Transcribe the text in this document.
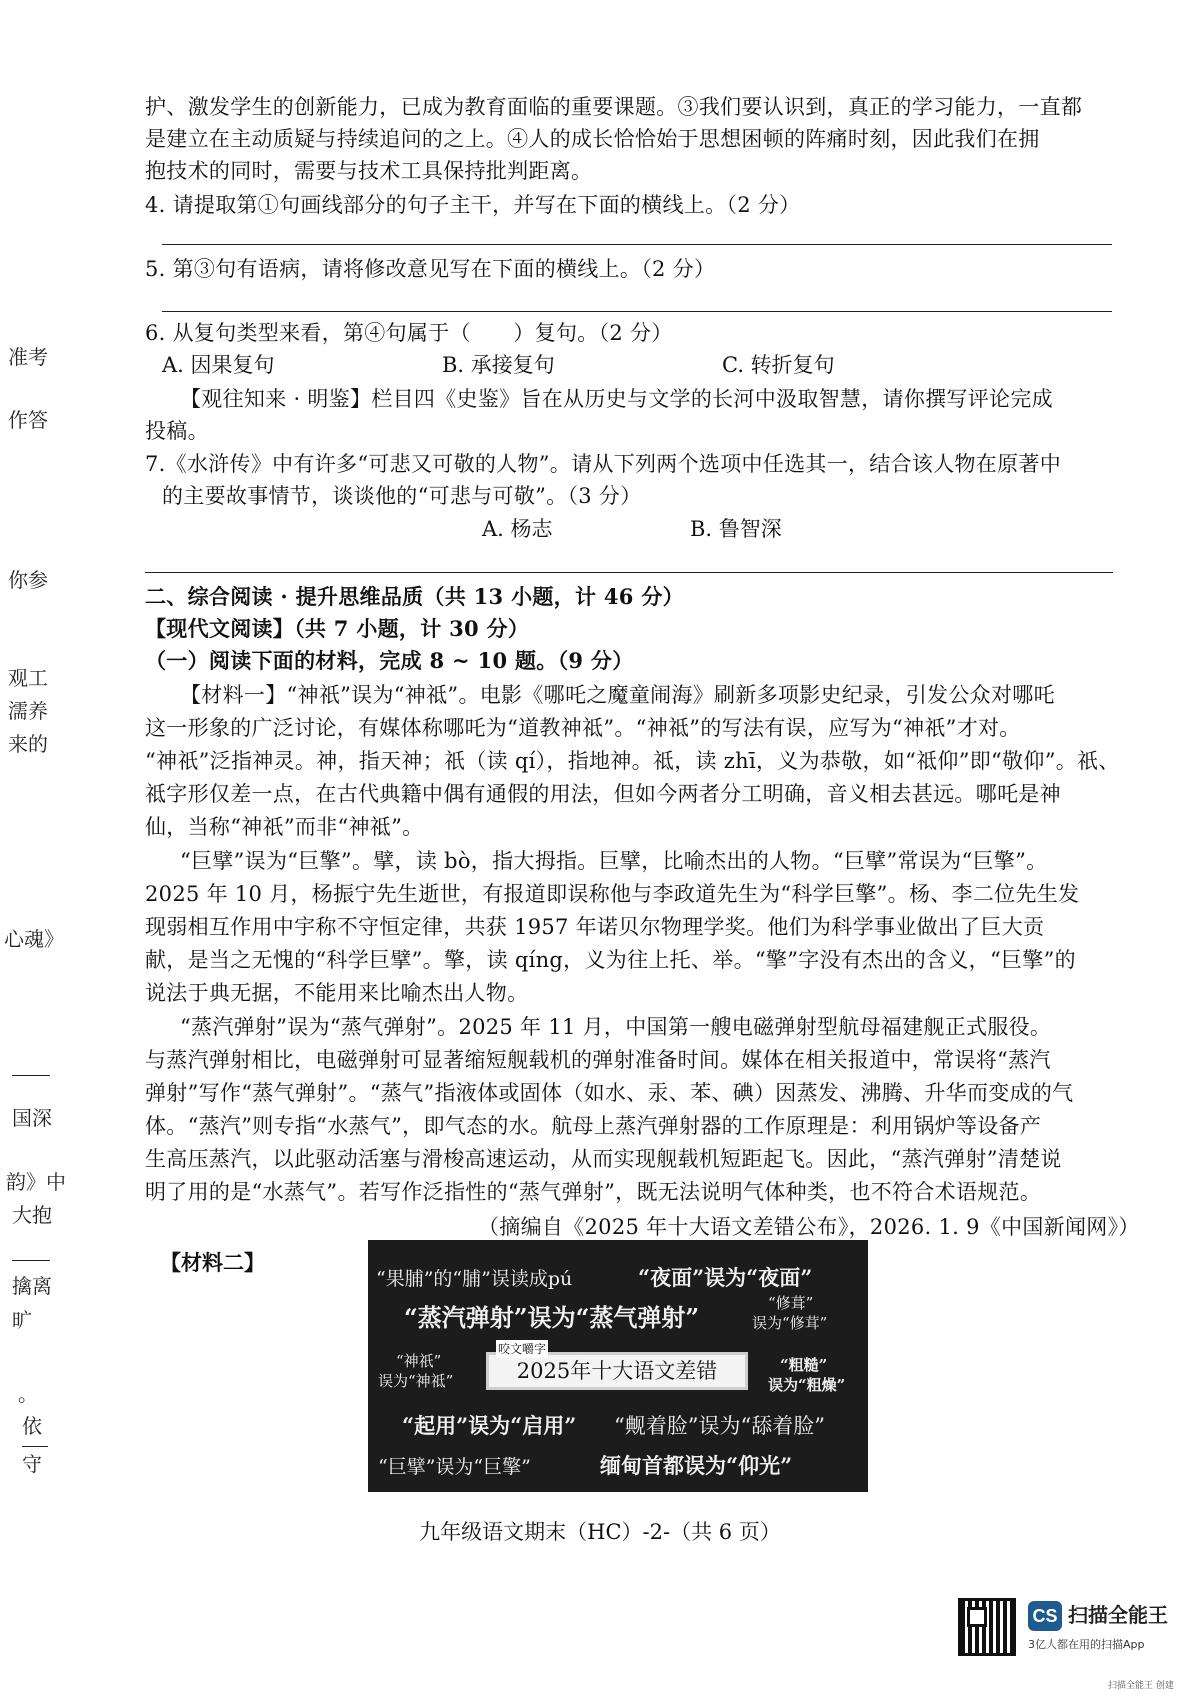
准考
作答
你参
观工
濡养
来的
心魂》
国深
韵》中
大抱
擒离
旷
。
依
守
护、激发学生的创新能力，已成为教育面临的重要课题。③我们要认识到，真正的学习能力，一直都
是建立在主动质疑与持续追问的之上。④人的成长恰恰始于思想困顿的阵痛时刻，因此我们在拥
抱技术的同时，需要与技术工具保持批判距离。
4. 请提取第①句画线部分的句子主干，并写在下面的横线上。（2 分）
5. 第③句有语病，请将修改意见写在下面的横线上。（2 分）
6. 从复句类型来看，第④句属于（　　）复句。（2 分）
A. 因果复句	B. 承接复句	C. 转折复句
【观往知来 · 明鉴】栏目四《史鉴》旨在从历史与文学的长河中汲取智慧，请你撰写评论完成
投稿。
7.《水浒传》中有许多“可悲又可敬的人物”。请从下列两个选项中任选其一，结合该人物在原著中
的主要故事情节，谈谈他的“可悲与可敬”。（3 分）
A. 杨志	B. 鲁智深
二、综合阅读 · 提升思维品质（共 13 小题，计 46 分）
【现代文阅读】（共 7 小题，计 30 分）
（一）阅读下面的材料，完成 8 ~ 10 题。（9 分）
【材料一】“神祇”误为“神祗”。电影《哪吒之魔童闹海》刷新多项影史纪录，引发公众对哪吒
这一形象的广泛讨论，有媒体称哪吒为“道教神祗”。“神祗”的写法有误，应写为“神祇”才对。
“神祇”泛指神灵。神，指天神；祇（读 qí），指地神。祗，读 zhī，义为恭敬，如“祗仰”即“敬仰”。祇、
祗字形仅差一点，在古代典籍中偶有通假的用法，但如今两者分工明确，音义相去甚远。哪吒是神
仙，当称“神祇”而非“神祗”。
“巨擘”误为“巨擎”。擘，读 bò，指大拇指。巨擘，比喻杰出的人物。“巨擘”常误为“巨擎”。
2025 年 10 月，杨振宁先生逝世，有报道即误称他与李政道先生为“科学巨擎”。杨、李二位先生发
现弱相互作用中宇称不守恒定律，共获 1957 年诺贝尔物理学奖。他们为科学事业做出了巨大贡
献，是当之无愧的“科学巨擘”。擎，读 qíng，义为往上托、举。“擎”字没有杰出的含义，“巨擎”的
说法于典无据，不能用来比喻杰出人物。
“蒸汽弹射”误为“蒸气弹射”。2025 年 11 月，中国第一艘电磁弹射型航母福建舰正式服役。
与蒸汽弹射相比，电磁弹射可显著缩短舰载机的弹射准备时间。媒体在相关报道中，常误将“蒸汽
弹射”写作“蒸气弹射”。“蒸气”指液体或固体（如水、汞、苯、碘）因蒸发、沸腾、升华而变成的气
体。“蒸汽”则专指“水蒸气”，即气态的水。航母上蒸汽弹射器的工作原理是：利用锅炉等设备产
生高压蒸汽，以此驱动活塞与滑梭高速运动，从而实现舰载机短距起飞。因此，“蒸汽弹射”清楚说
明了用的是“水蒸气”。若写作泛指性的“蒸气弹射”，既无法说明气体种类，也不符合术语规范。
（摘编自《2025 年十大语文差错公布》，2026. 1. 9《中国新闻网》）
【材料二】
“果脯”的“脯”误读成pú	“夜面”误为“夜面”
“蒸汽弹射”误为“蒸气弹射”	“修葺”
误为“修茸”
“神祇”
误为“神祗”	2025年十大语文差错
咬文嚼字
“粗糙”
误为“粗燥”
“起用”误为“启用” “觍着脸”误为“舔着脸”
“巨擘”误为“巨擎”	缅甸首都误为“仰光”
九年级语文期末（HC）-2-（共 6 页）
CS 扫描全能王
3亿人都在用的扫描App
扫描全能王 创建
